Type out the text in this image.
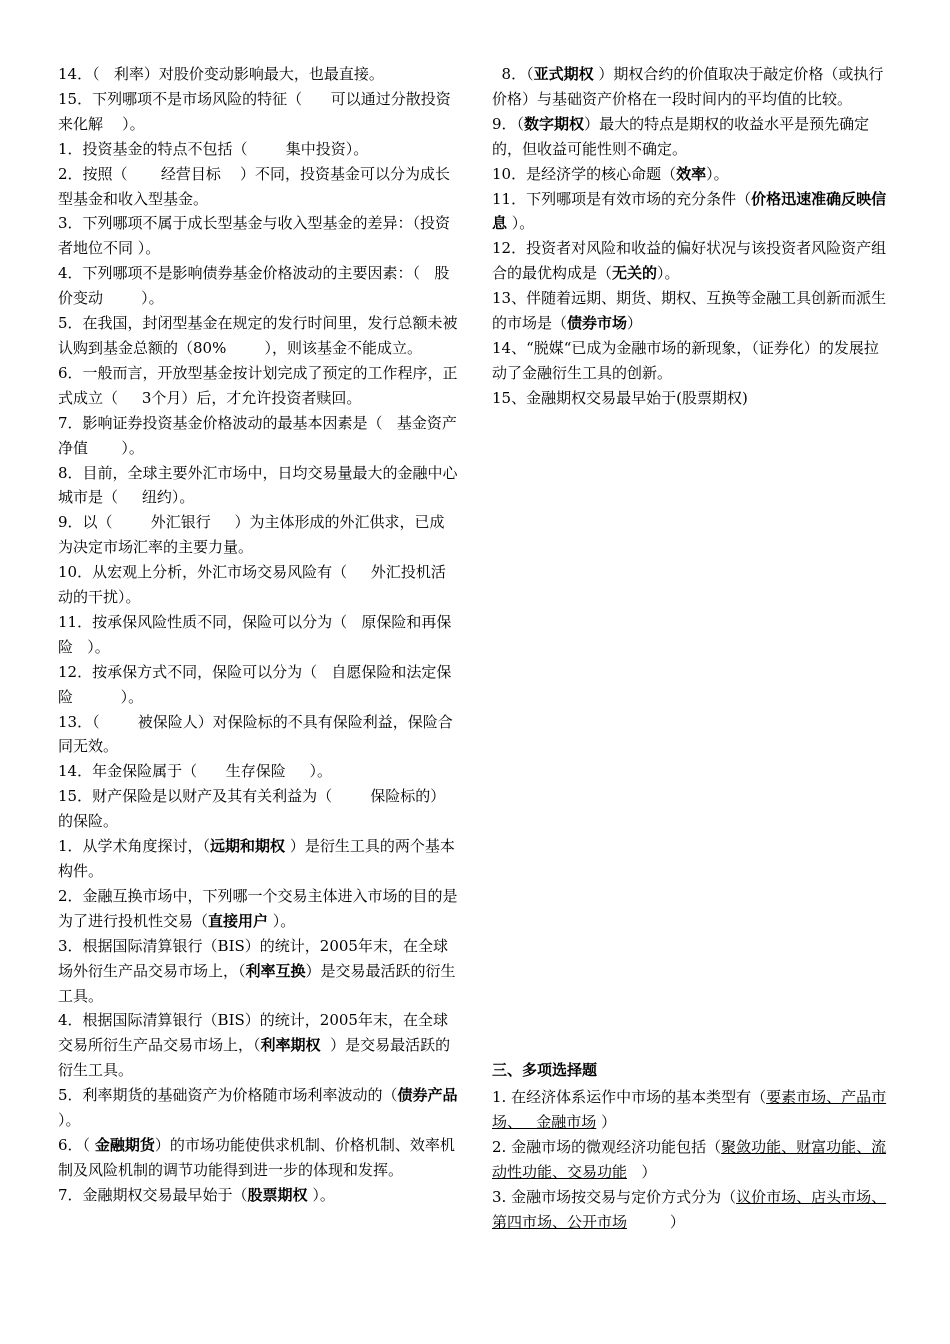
14．（   利率）对股价变动影响最大，也最直接。

15．下列哪项不是市场风险的特征（      可以通过分散投资来化解    ）。

1．投资基金的特点不包括（        集中投资）。

2．按照（       经营目标    ）不同，投资基金可以分为成长型基金和收入型基金。

3．下列哪项不属于成长型基金与收入型基金的差异：（投资者地位不同 ）。

4．下列哪项不是影响债券基金价格波动的主要因素：（   股价变动        ）。

5．在我国，封闭型基金在规定的发行时间里，发行总额未被认购到基金总额的（80%        ），则该基金不能成立。

6．一般而言，开放型基金按计划完成了预定的工作程序，正式成立（     3个月）后，才允许投资者赎回。

7．影响证券投资基金价格波动的最基本因素是（   基金资产净值       ）。

8．目前，全球主要外汇市场中，日均交易量最大的金融中心城市是（     纽约）。

9．以（        外汇银行     ）为主体形成的外汇供求，已成为决定市场汇率的主要力量。

10．从宏观上分析，外汇市场交易风险有（     外汇投机活动的干扰）。

11．按承保风险性质不同，保险可以分为（   原保险和再保险   ）。

12．按承保方式不同，保险可以分为（   自愿保险和法定保险          ）。

13．（        被保险人）对保险标的不具有保险利益，保险合同无效。

14．年金保险属于（      生存保险     ）。

15．财产保险是以财产及其有关利益为（        保险标的）的保险。

1．从学术角度探讨，（远期和期权 ）是衍生工具的两个基本构件。

2．金融互换市场中，下列哪一个交易主体进入市场的目的是为了进行投机性交易（直接用户 ）。

3．根据国际清算银行（BIS）的统计，2005年末，在全球场外衍生产品交易市场上，（利率互换）是交易最活跃的衍生工具。

4．根据国际清算银行（BIS）的统计，2005年末，在全球交易所衍生产品交易市场上，（利率期权  ）是交易最活跃的衍生工具。

5．利率期货的基础资产为价格随市场利率波动的（债券产品 ）。

6．（ 金融期货）的市场功能使供求机制、价格机制、效率机制及风险机制的调节功能得到进一步的体现和发挥。

7．金融期权交易最早始于（股票期权 ）。

8．（亚式期权 ）期权合约的价值取决于敲定价格（或执行价格）与基础资产价格在一段时间内的平均值的比较。

9．（数字期权）最大的特点是期权的收益水平是预先确定的，但收益可能性则不确定。

10．是经济学的核心命题（效率）。

11．下列哪项是有效市场的充分条件（价格迅速准确反映信息 ）。

12．投资者对风险和收益的偏好状况与该投资者风险资产组合的最优构成是（无关的）。

13、伴随着远期、期货、期权、互换等金融工具创新而派生的市场是（债券市场）

14、“脱媒“已成为金融市场的新现象，（证券化）的发展拉动了金融衍生工具的创新。

15、金融期权交易最早始于(股票期权)

三、多项选择题

1. 在经济体系运作中市场的基本类型有（要素市场、产品市场、   金融市场 ）

2. 金融市场的微观经济功能包括（聚敛功能、财富功能、流动性功能、交易功能   ）

3. 金融市场按交易与定价方式分为（议价市场、店头市场、第四市场、公开市场         ）
